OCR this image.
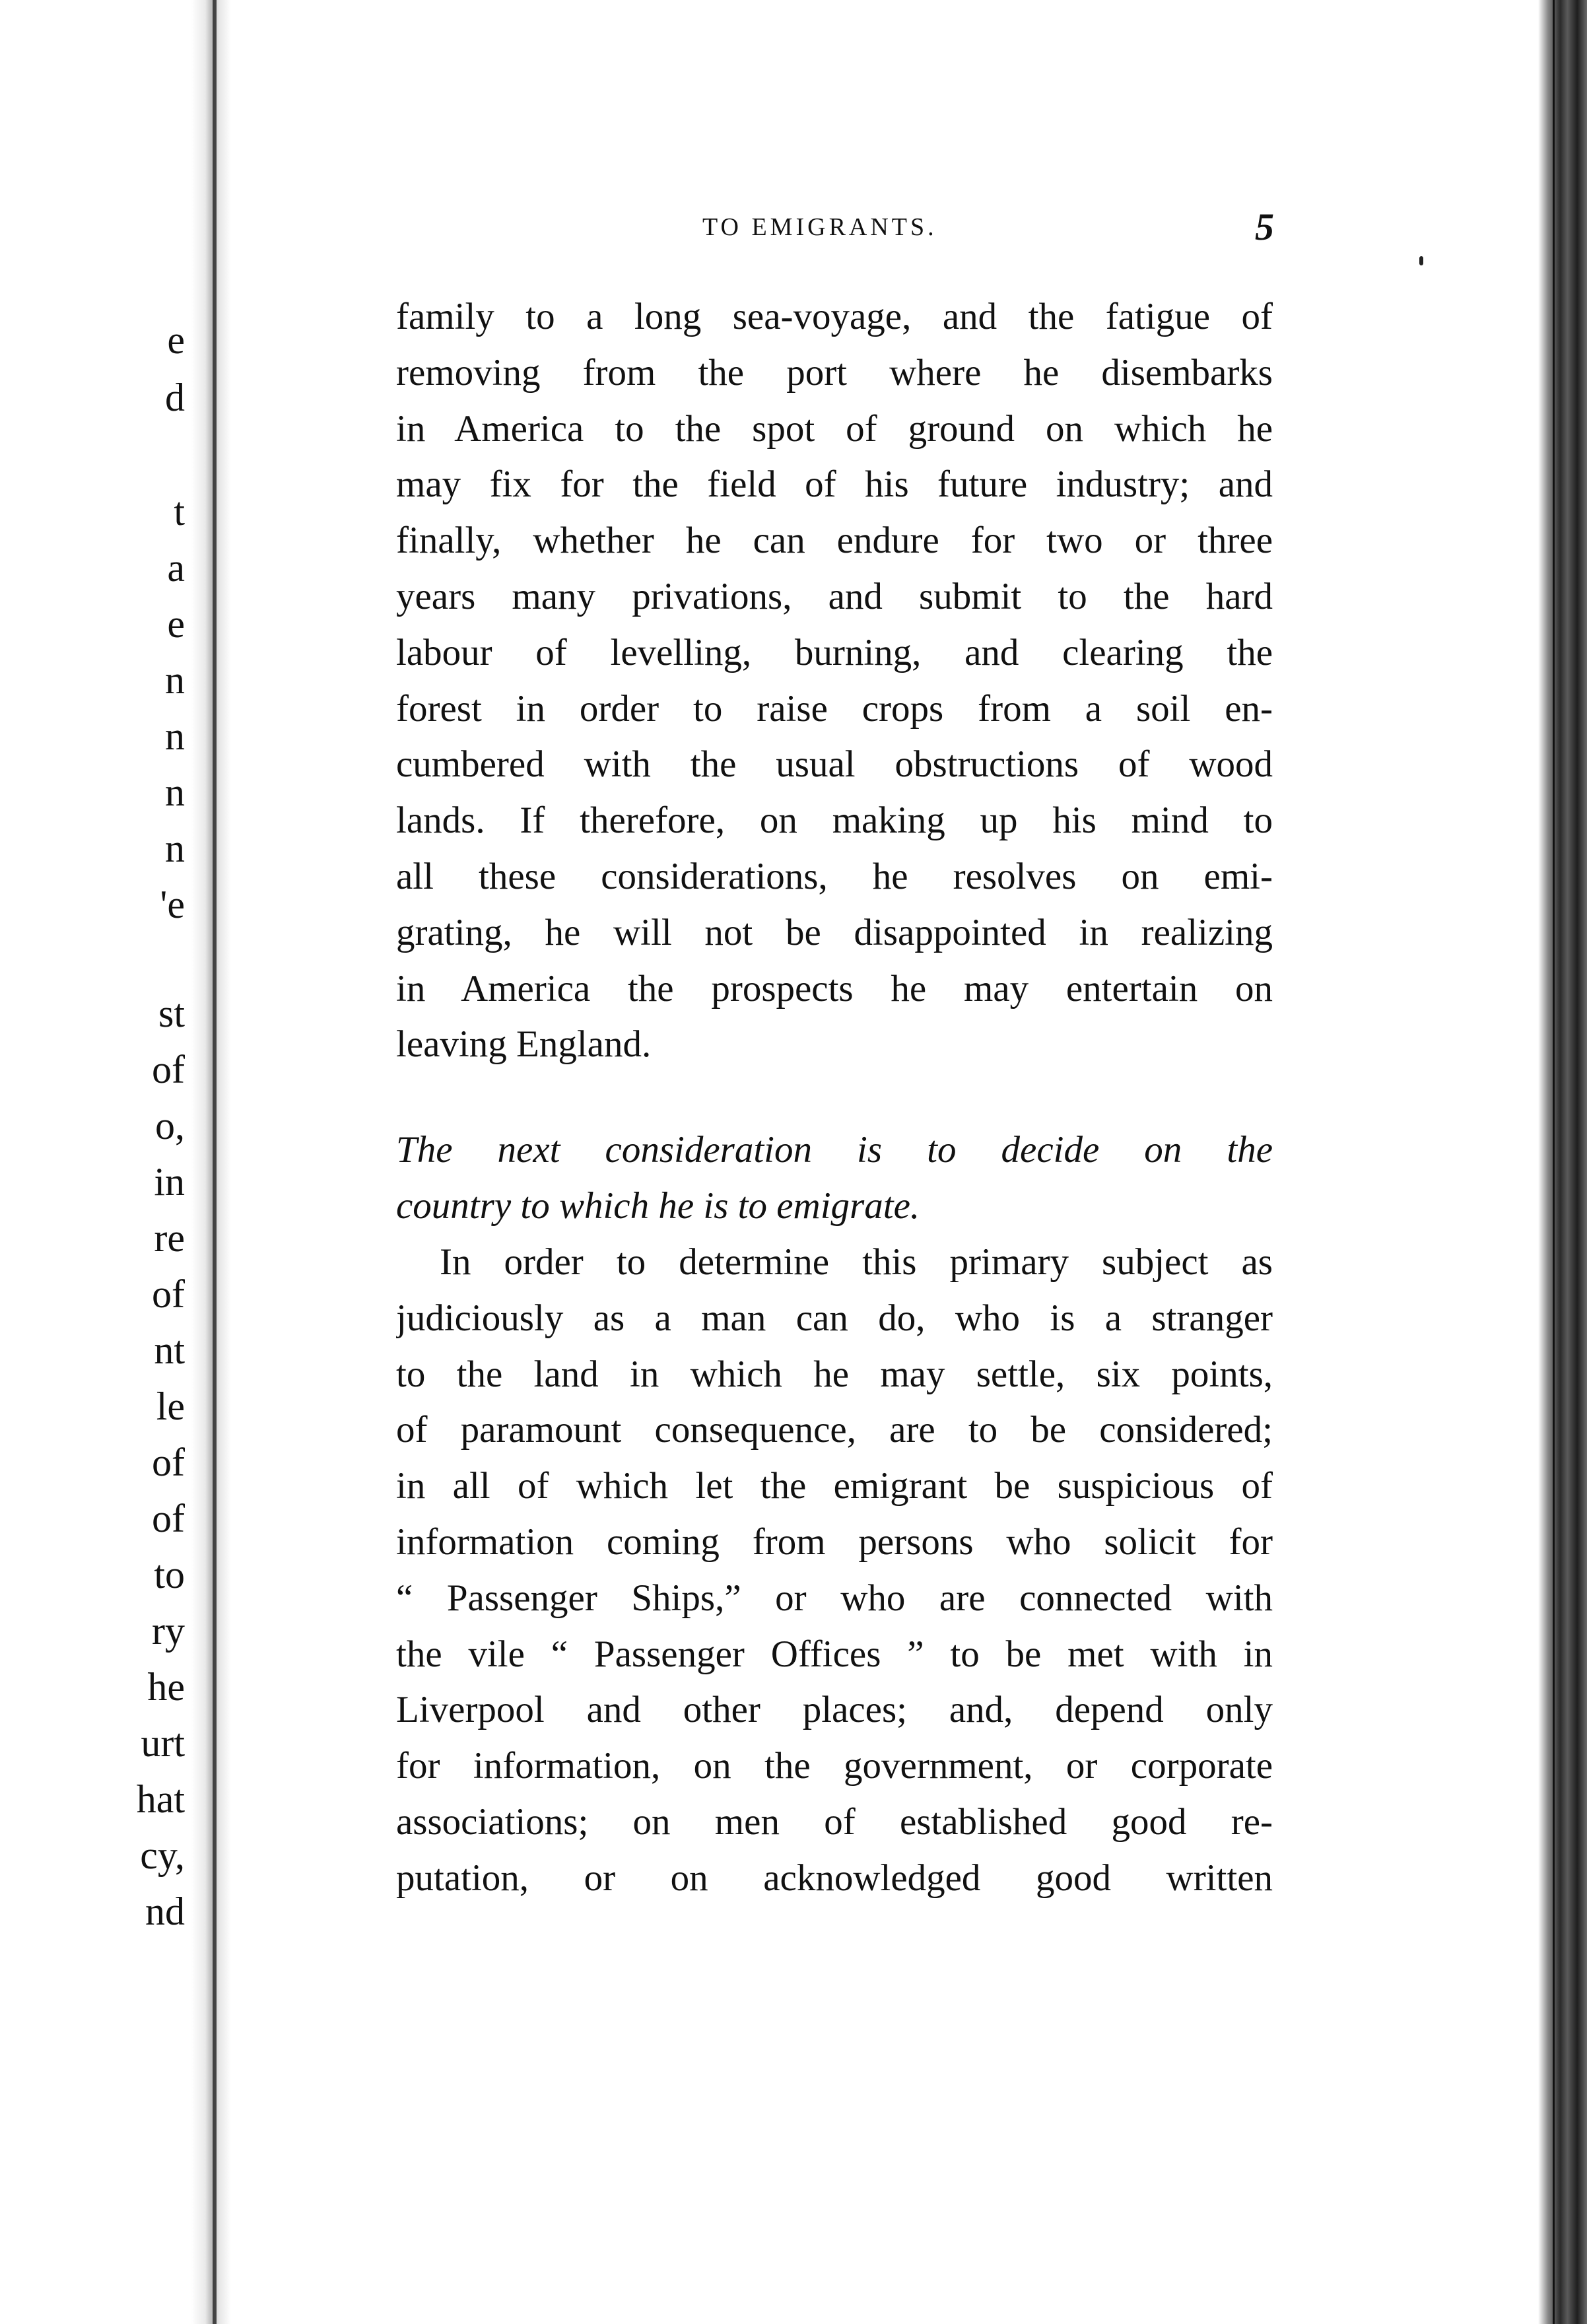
e
d
t
a
e
n
n
n
n
'e
st
of
o,
in
re
of
nt
le
of
of
to
ry
he
urt
hat
cy,
nd
TO EMIGRANTS.	5
family to a long sea-voyage, and the fatigue of
removing from the port where he disembarks
in America to the spot of ground on which he
may fix for the field of his future industry; and
finally, whether he can endure for two or three
years many privations, and submit to the hard
labour of levelling, burning, and clearing the
forest in order to raise crops from a soil en-
cumbered with the usual obstructions of wood
lands. If therefore, on making up his mind to
all these considerations, he resolves on emi-
grating, he will not be disappointed in realizing
in America the prospects he may entertain on
leaving England.
The next consideration is to decide on the
country to which he is to emigrate.
In order to determine this primary subject as
judiciously as a man can do, who is a stranger
to the land in which he may settle, six points,
of paramount consequence, are to be considered;
in all of which let the emigrant be suspicious of
information coming from persons who solicit for
“ Passenger Ships,” or who are connected with
the vile “ Passenger Offices ” to be met with in
Liverpool and other places; and, depend only
for information, on the government, or corporate
associations; on men of established good re-
putation, or on acknowledged good written
